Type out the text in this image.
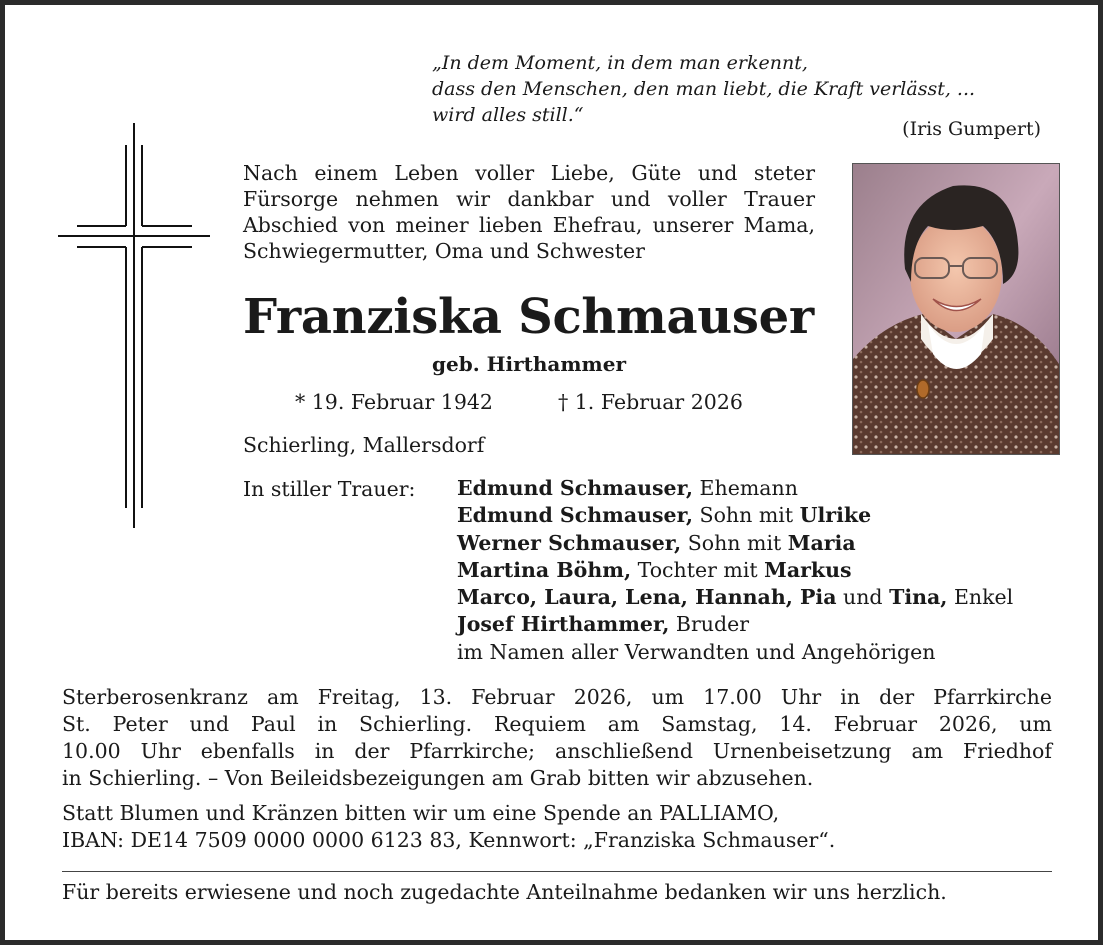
„In dem Moment, in dem man erkennt,
dass den Menschen, den man liebt, die Kraft verlässt, ...
wird alles still.“
(Iris Gumpert)
Nach einem Leben voller Liebe, Güte und steter Fürsorge nehmen wir dankbar und voller Trauer Abschied von meiner lieben Ehefrau, unserer Mama, Schwiegermutter, Oma und Schwester
Franziska Schmauser
geb. Hirthammer
* 19. Februar 1942	† 1. Februar 2026
Schierling, Mallersdorf
In stiller Trauer: Edmund Schmauser, Ehemann
Edmund Schmauser, Sohn mit Ulrike
Werner Schmauser, Sohn mit Maria
Martina Böhm, Tochter mit Markus
Marco, Laura, Lena, Hannah, Pia und Tina, Enkel
Josef Hirthammer, Bruder
im Namen aller Verwandten und Angehörigen
Sterberosenkranz am Freitag, 13. Februar 2026, um 17.00 Uhr in der Pfarrkirche
St. Peter und Paul in Schierling. Requiem am Samstag, 14. Februar 2026, um
10.00 Uhr ebenfalls in der Pfarrkirche; anschließend Urnenbeisetzung am Friedhof
in Schierling. – Von Beileidsbezeigungen am Grab bitten wir abzusehen.
Statt Blumen und Kränzen bitten wir um eine Spende an PALLIAMO,
IBAN: DE14 7509 0000 0000 6123 83, Kennwort: „Franziska Schmauser“.
Für bereits erwiesene und noch zugedachte Anteilnahme bedanken wir uns herzlich.
